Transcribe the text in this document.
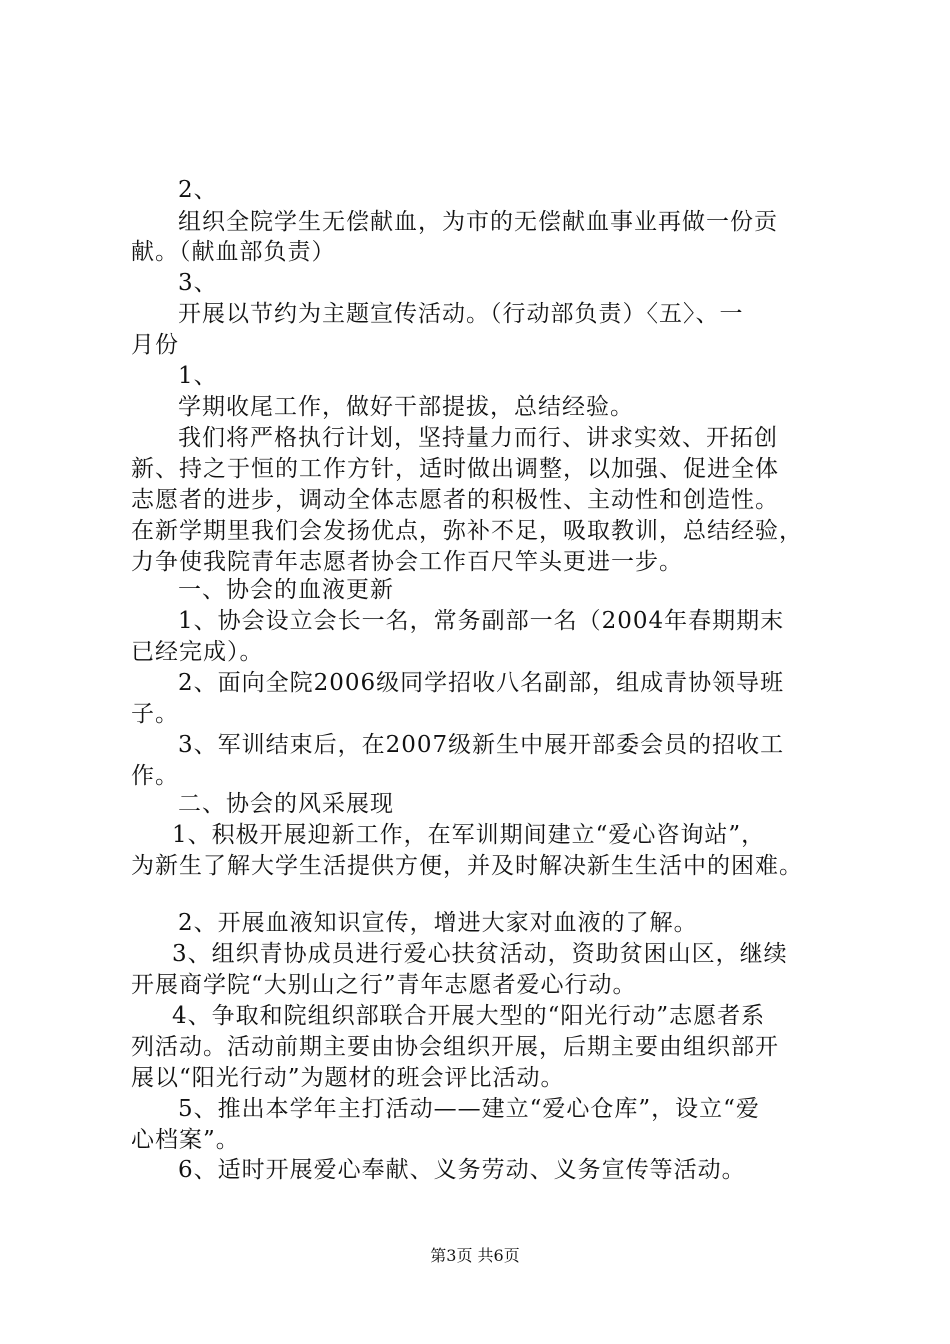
2、
组织全院学生无偿献血，为市的无偿献血事业再做一份贡
献。（献血部负责）
3、
开展以节约为主题宣传活动。（行动部负责）〈五〉、一
月份
1、
学期收尾工作，做好干部提拔，总结经验。
我们将严格执行计划，坚持量力而行、讲求实效、开拓创
新、持之于恒的工作方针，适时做出调整，以加强、促进全体
志愿者的进步，调动全体志愿者的积极性、主动性和创造性。
在新学期里我们会发扬优点，弥补不足，吸取教训，总结经验，
力争使我院青年志愿者协会工作百尺竿头更进一步。
一、协会的血液更新
1、协会设立会长一名，常务副部一名（2004年春期期末
已经完成）。
2、面向全院2006级同学招收八名副部，组成青协领导班
子。
3、军训结束后，在2007级新生中展开部委会员的招收工
作。
二、协会的风采展现
1、积极开展迎新工作，在军训期间建立“爱心咨询站”，
为新生了解大学生活提供方便，并及时解决新生生活中的困难。
2、开展血液知识宣传，增进大家对血液的了解。
3、组织青协成员进行爱心扶贫活动，资助贫困山区，继续
开展商学院“大别山之行”青年志愿者爱心行动。
4、争取和院组织部联合开展大型的“阳光行动”志愿者系
列活动。活动前期主要由协会组织开展，后期主要由组织部开
展以“阳光行动”为题材的班会评比活动。
5、推出本学年主打活动——建立“爱心仓库”，设立“爱
心档案”。
6、适时开展爱心奉献、义务劳动、义务宣传等活动。
第3页 共6页
